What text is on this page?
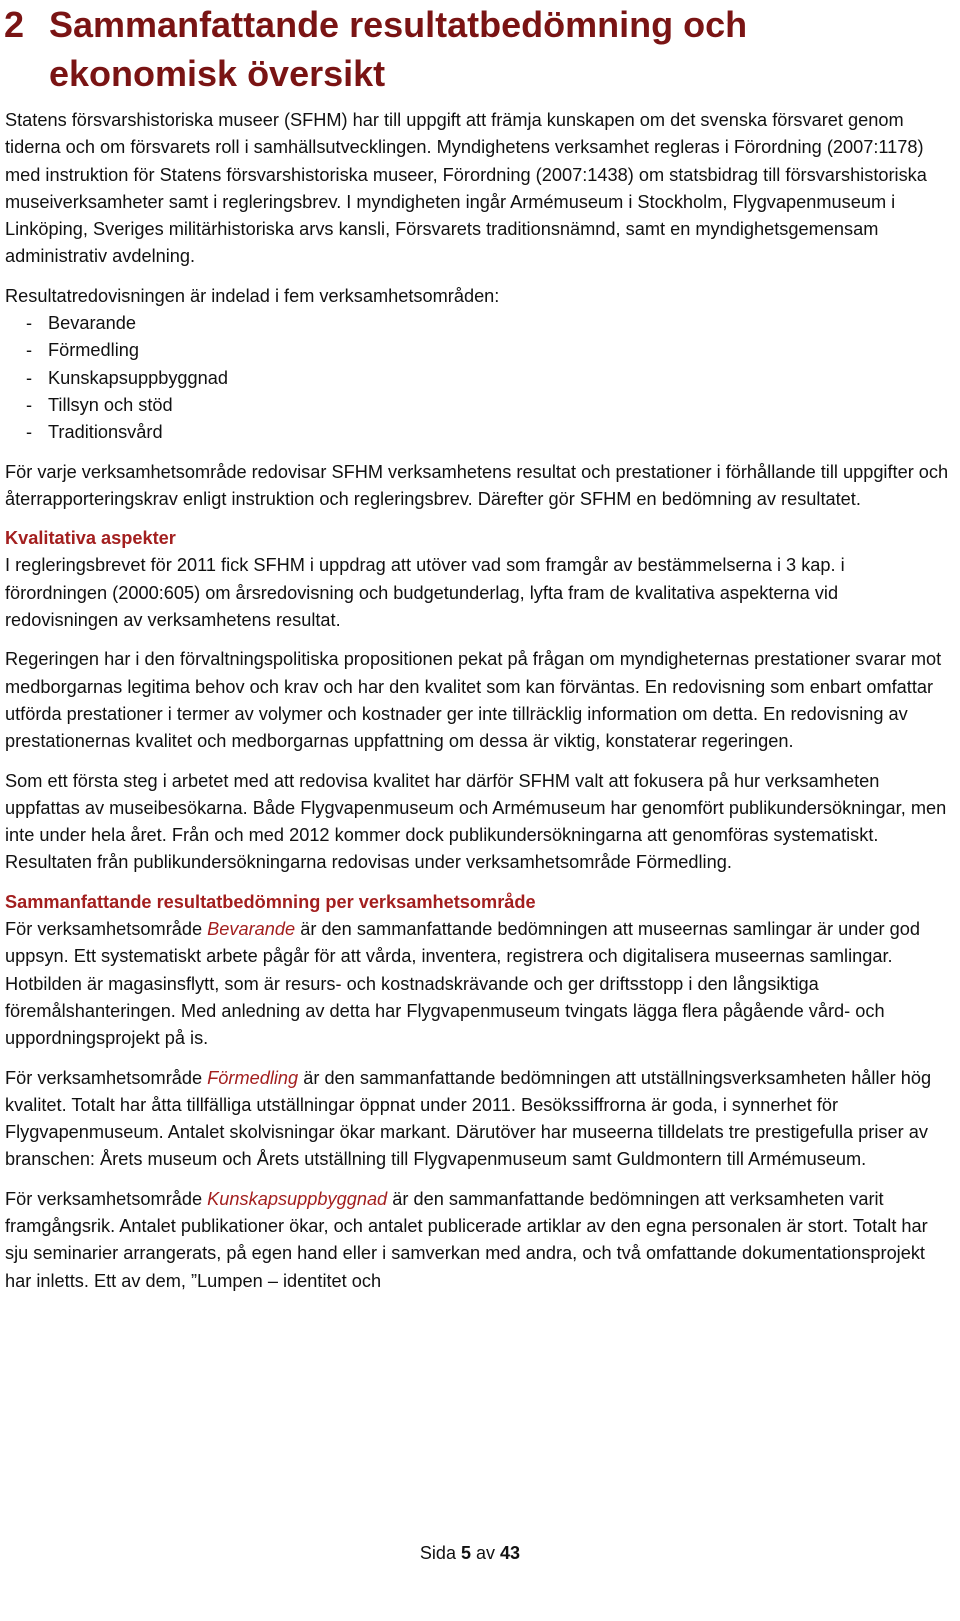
2 Sammanfattande resultatbedömning och ekonomisk översikt

Statens försvarshistoriska museer (SFHM) har till uppgift att främja kunskapen om det svenska försvaret genom tiderna och om försvarets roll i samhällsutvecklingen. Myndighetens verksamhet regleras i Förordning (2007:1178) med instruktion för Statens försvarshistoriska museer, Förordning (2007:1438) om statsbidrag till försvarshistoriska museiverksamheter samt i regleringsbrev. I myndigheten ingår Armémuseum i Stockholm, Flygvapenmuseum i Linköping, Sveriges militärhistoriska arvs kansli, Försvarets traditionsnämnd, samt en myndighetsgemensam administrativ avdelning.

Resultatredovisningen är indelad i fem verksamhetsområden:

- Bevarande
- Förmedling
- Kunskapsuppbyggnad
- Tillsyn och stöd
- Traditionsvård

För varje verksamhetsområde redovisar SFHM verksamhetens resultat och prestationer i förhållande till uppgifter och återrapporteringskrav enligt instruktion och regleringsbrev. Därefter gör SFHM en bedömning av resultatet.

Kvalitativa aspekter

I regleringsbrevet för 2011 fick SFHM i uppdrag att utöver vad som framgår av bestämmelserna i 3 kap. i förordningen (2000:605) om årsredovisning och budgetunderlag, lyfta fram de kvalitativa aspekterna vid redovisningen av verksamhetens resultat.

Regeringen har i den förvaltningspolitiska propositionen pekat på frågan om myndigheternas prestationer svarar mot medborgarnas legitima behov och krav och har den kvalitet som kan förväntas. En redovisning som enbart omfattar utförda prestationer i termer av volymer och kostnader ger inte tillräcklig information om detta. En redovisning av prestationernas kvalitet och medborgarnas uppfattning om dessa är viktig, konstaterar regeringen.

Som ett första steg i arbetet med att redovisa kvalitet har därför SFHM valt att fokusera på hur verksamheten uppfattas av museibesökarna. Både Flygvapenmuseum och Armémuseum har genomfört publikundersökningar, men inte under hela året. Från och med 2012 kommer dock publikundersökningarna att genomföras systematiskt. Resultaten från publikundersökningarna redovisas under verksamhetsområde Förmedling.

Sammanfattande resultatbedömning per verksamhetsområde

För verksamhetsområde Bevarande är den sammanfattande bedömningen att museernas samlingar är under god uppsyn. Ett systematiskt arbete pågår för att vårda, inventera, registrera och digitalisera museernas samlingar. Hotbilden är magasinsflytt, som är resurs- och kostnadskrävande och ger driftsstopp i den långsiktiga föremålshanteringen. Med anledning av detta har Flygvapenmuseum tvingats lägga flera pågående vård- och uppordningsprojekt på is.

För verksamhetsområde Förmedling är den sammanfattande bedömningen att utställningsverksamheten håller hög kvalitet. Totalt har åtta tillfälliga utställningar öppnat under 2011. Besökssiffrorna är goda, i synnerhet för Flygvapenmuseum. Antalet skolvisningar ökar markant. Därutöver har museerna tilldelats tre prestigefulla priser av branschen: Årets museum och Årets utställning till Flygvapenmuseum samt Guldmontern till Armémuseum.

För verksamhetsområde Kunskapsuppbyggnad är den sammanfattande bedömningen att verksamheten varit framgångsrik. Antalet publikationer ökar, och antalet publicerade artiklar av den egna personalen är stort. Totalt har sju seminarier arrangerats, på egen hand eller i samverkan med andra, och två omfattande dokumentationsprojekt har inletts. Ett av dem, ”Lumpen – identitet och

Sida 5 av 43
